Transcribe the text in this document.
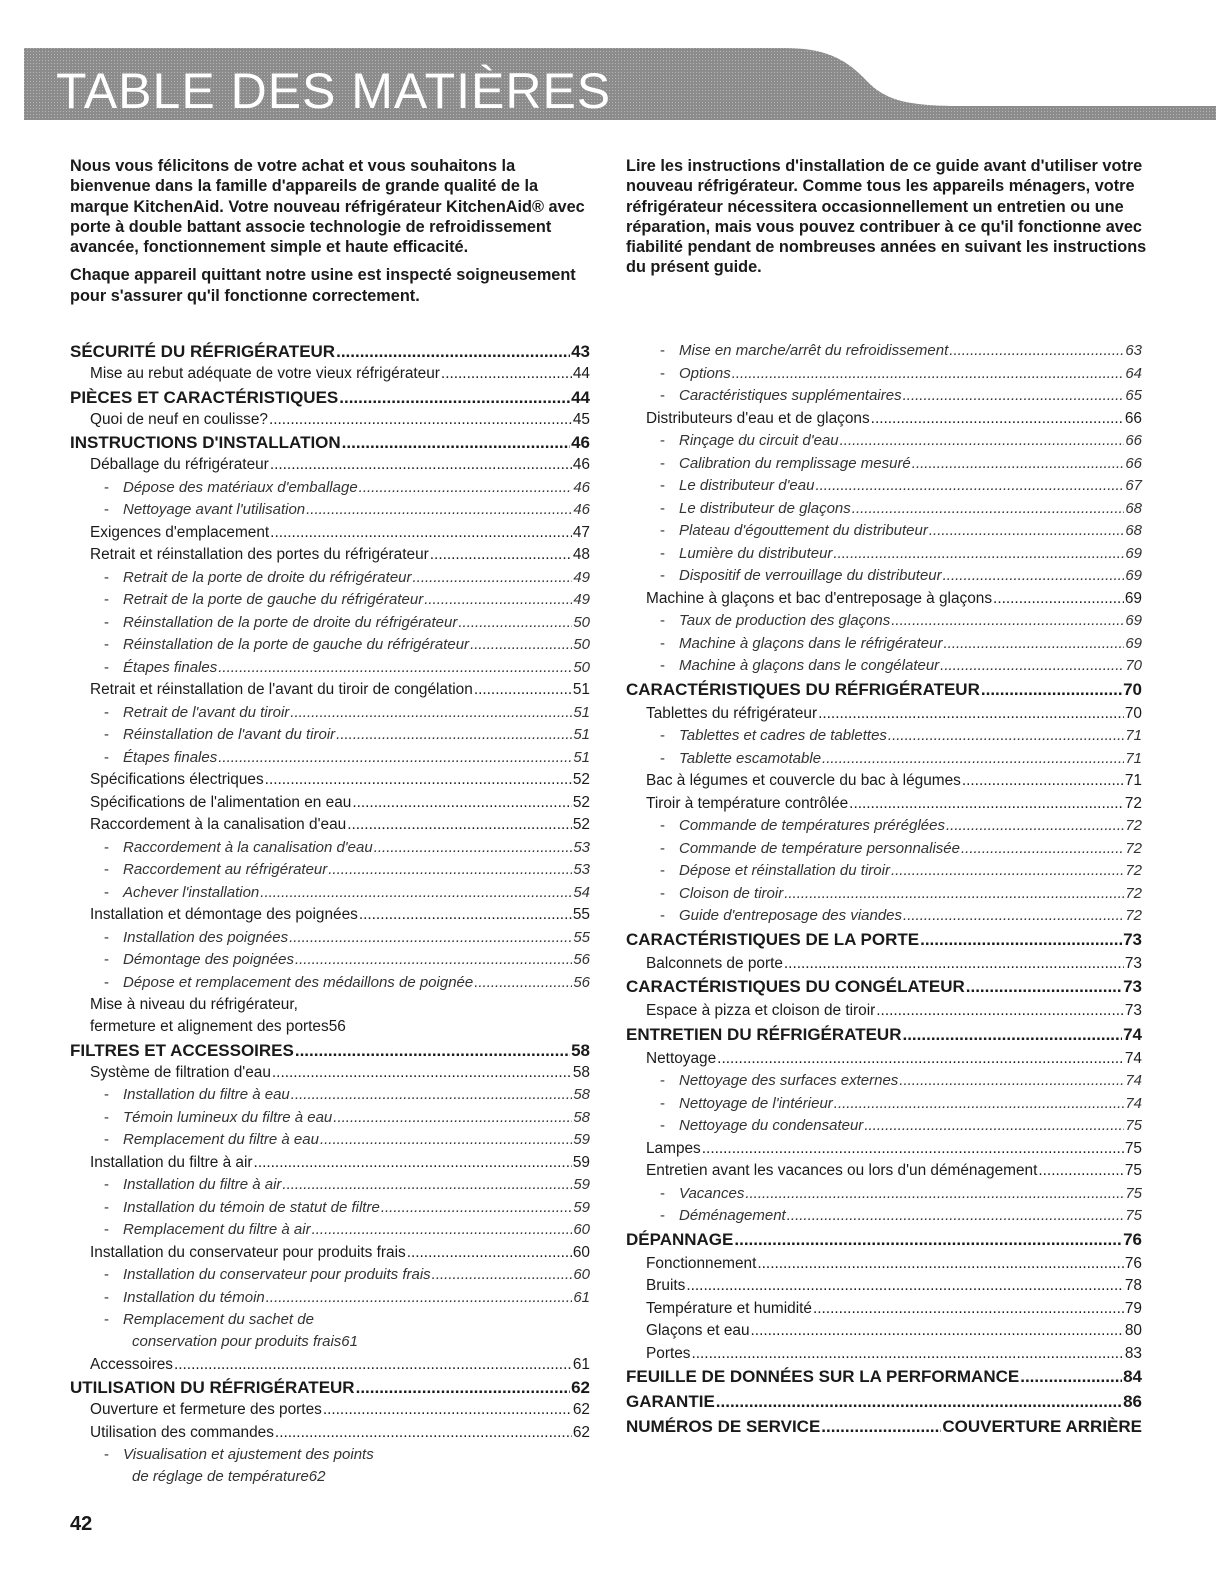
TABLE DES MATIÈRES

Nous vous félicitons de votre achat et vous souhaitons la bienvenue dans la famille d'appareils de grande qualité de la marque KitchenAid. Votre nouveau réfrigérateur KitchenAid® avec porte à double battant associe technologie de refroidissement avancée, fonctionnement simple et haute efficacité.

Chaque appareil quittant notre usine est inspecté soigneusement pour s'assurer qu'il fonctionne correctement.

Lire les instructions d'installation de ce guide avant d'utiliser votre nouveau réfrigérateur. Comme tous les appareils ménagers, votre réfrigérateur nécessitera occasionnellement un entretien ou une réparation, mais vous pouvez contribuer à ce qu'il fonctionne avec fiabilité pendant de nombreuses années en suivant les instructions du présent guide.

SÉCURITÉ DU RÉFRIGÉRATEUR .....	43
Mise au rebut adéquate de votre vieux réfrigérateur .....	44
PIÈCES ET CARACTÉRISTIQUES .....	44
Quoi de neuf en coulisse? .....	45
INSTRUCTIONS D'INSTALLATION .....	46
Déballage du réfrigérateur .....	46
- Dépose des matériaux d'emballage .....	46
- Nettoyage avant l'utilisation .....	46
Exigences d'emplacement .....	47
Retrait et réinstallation des portes du réfrigérateur .....	48
- Retrait de la porte de droite du réfrigérateur .....	49
- Retrait de la porte de gauche du réfrigérateur .....	49
- Réinstallation de la porte de droite du réfrigérateur .....	50
- Réinstallation de la porte de gauche du réfrigérateur .....	50
- Étapes finales .....	50
Retrait et réinstallation de l'avant du tiroir de congélation .....	51
- Retrait de l'avant du tiroir .....	51
- Réinstallation de l'avant du tiroir .....	51
- Étapes finales .....	51
Spécifications électriques .....	52
Spécifications de l'alimentation en eau .....	52
Raccordement à la canalisation d'eau .....	52
- Raccordement à la canalisation d'eau .....	53
- Raccordement au réfrigérateur .....	53
- Achever l'installation .....	54
Installation et démontage des poignées .....	55
- Installation des poignées .....	55
- Démontage des poignées .....	56
- Dépose et remplacement des médaillons de poignée .....	56
Mise à niveau du réfrigérateur,
fermeture et alignement des portes 56
FILTRES ET ACCESSOIRES .....	58
Système de filtration d'eau .....	58
- Installation du filtre à eau .....	58
- Témoin lumineux du filtre à eau .....	58
- Remplacement du filtre à eau .....	59
Installation du filtre à air .....	59
- Installation du filtre à air .....	59
- Installation du témoin de statut de filtre .....	59
- Remplacement du filtre à air .....	60
Installation du conservateur pour produits frais .....	60
- Installation du conservateur pour produits frais .....	60
- Installation du témoin .....	61
- Remplacement du sachet de
conservation pour produits frais 61
Accessoires .....	61
UTILISATION DU RÉFRIGÉRATEUR .....	62
Ouverture et fermeture des portes .....	62
Utilisation des commandes .....	62
- Visualisation et ajustement des points
de réglage de température 62
- Mise en marche/arrêt du refroidissement .....	63
- Options .....	64
- Caractéristiques supplémentaires .....	65
Distributeurs d'eau et de glaçons .....	66
- Rinçage du circuit d'eau .....	66
- Calibration du remplissage mesuré .....	66
- Le distributeur d'eau .....	67
- Le distributeur de glaçons .....	68
- Plateau d'égouttement du distributeur .....	68
- Lumière du distributeur .....	69
- Dispositif de verrouillage du distributeur .....	69
Machine à glaçons et bac d'entreposage à glaçons .....	69
- Taux de production des glaçons .....	69
- Machine à glaçons dans le réfrigérateur .....	69
- Machine à glaçons dans le congélateur .....	70
CARACTÉRISTIQUES DU RÉFRIGÉRATEUR .....	70
Tablettes du réfrigérateur .....	70
- Tablettes et cadres de tablettes .....	71
- Tablette escamotable .....	71
Bac à légumes et couvercle du bac à légumes .....	71
Tiroir à température contrôlée .....	72
- Commande de températures préréglées .....	72
- Commande de température personnalisée .....	72
- Dépose et réinstallation du tiroir .....	72
- Cloison de tiroir .....	72
- Guide d'entreposage des viandes .....	72
CARACTÉRISTIQUES DE LA PORTE .....	73
Balconnets de porte .....	73
CARACTÉRISTIQUES DU CONGÉLATEUR .....	73
Espace à pizza et cloison de tiroir .....	73
ENTRETIEN DU RÉFRIGÉRATEUR .....	74
Nettoyage .....	74
- Nettoyage des surfaces externes .....	74
- Nettoyage de l'intérieur .....	74
- Nettoyage du condensateur .....	75
Lampes .....	75
Entretien avant les vacances ou lors d'un déménagement .....	75
- Vacances .....	75
- Déménagement .....	75
DÉPANNAGE .....	76
Fonctionnement .....	76
Bruits .....	78
Température et humidité .....	79
Glaçons et eau .....	80
Portes .....	83
FEUILLE DE DONNÉES SUR LA PERFORMANCE .....	84
GARANTIE .....	86
NUMÉROS DE SERVICE .....	COUVERTURE ARRIÈRE
42
